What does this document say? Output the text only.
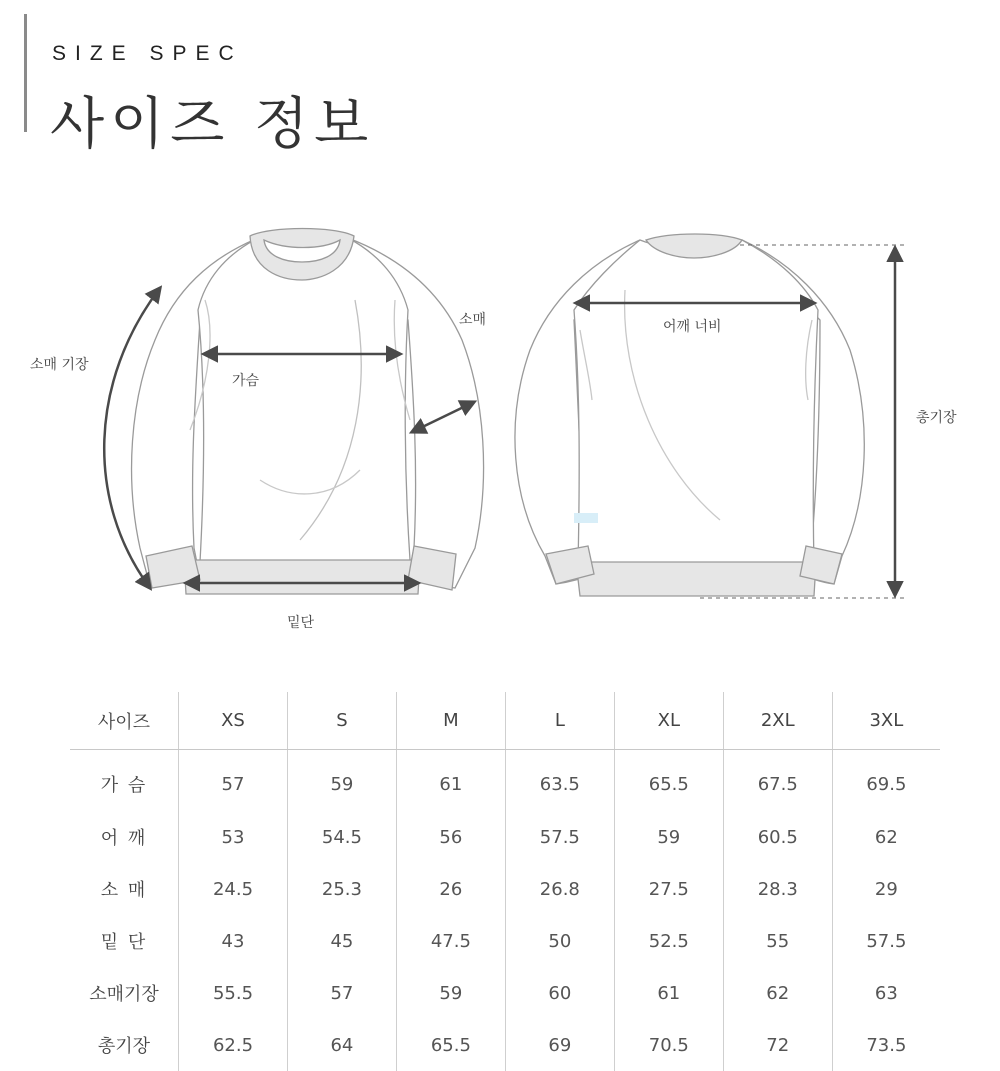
SIZE SPEC
사이즈 정보
소매 기장
가슴
소매
밑단
어깨 너비
총기장
사이즈	XS	S	M	L	XL	2XL	3XL
가 슴	57	59	61	63.5	65.5	67.5	69.5
어 깨	53	54.5	56	57.5	59	60.5	62
소 매	24.5	25.3	26	26.8	27.5	28.3	29
밑 단	43	45	47.5	50	52.5	55	57.5
소매기장	55.5	57	59	60	61	62	63
총기장	62.5	64	65.5	69	70.5	72	73.5
